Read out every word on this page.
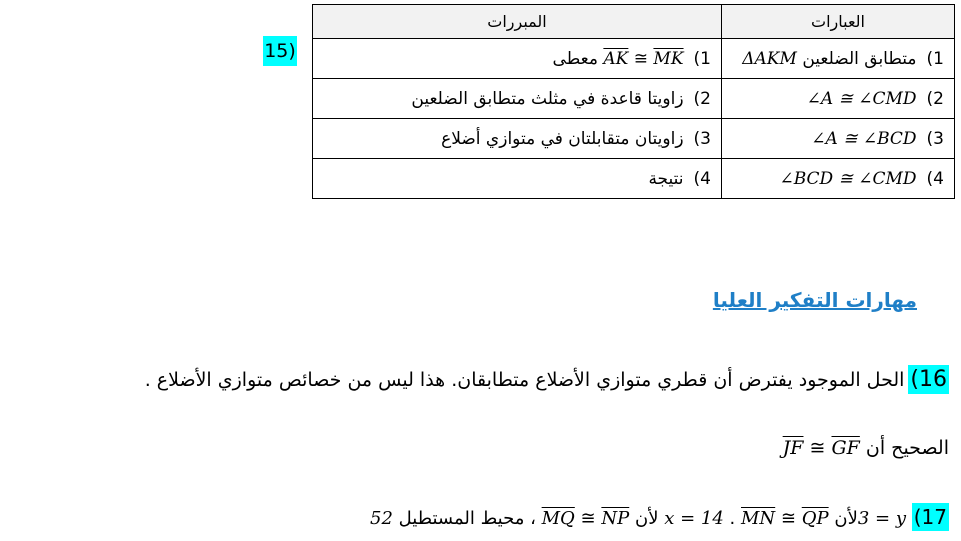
15)
العبارات	المبررات
1)متطابق الضلعين ΔAKM	$1)\overline{AK}$ ≅ $\overline{MK}$ معطى
2)∠A ≅ ∠CMD	2)زاويتا قاعدة في مثلث متطابق الضلعين
3)∠A ≅ ∠BCD	3)زاويتان متقابلتان في متوازي أضلاع
4)∠BCD ≅ ∠CMD	4)نتيجة
مهارات التفكير العليا
16)الحل الموجود يفترض أن قطري متوازي الأضلاع متطابقان. هذا ليس من خصائص متوازي الأضلاع .
الصحيح أن $\overline{JF}$ ≅ $\overline{GF}$
17) 3 = yلأن $\overline{MN}$ ≅ $\overline{QP}$ . x = 14 لأن $\overline{MQ}$ ≅ $\overline{NP}$ ، محيط المستطيل 52
